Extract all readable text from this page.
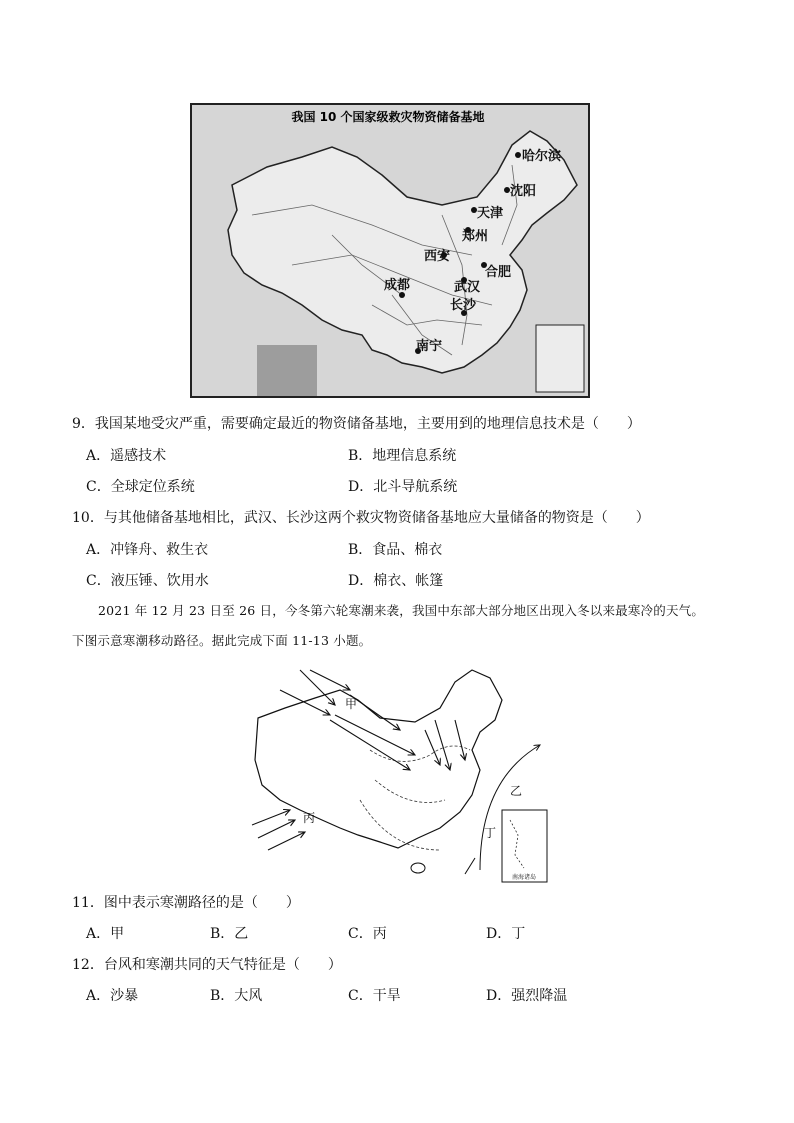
我国 10 个国家级救灾物资储备基地
哈尔滨
沈阳
天津
郑州
西安
合肥
武汉
成都
长沙
南宁
9．我国某地受灾严重，需要确定最近的物资储备基地，主要用到的地理信息技术是（　　）
A．遥感技术	B．地理信息系统
C．全球定位系统	D．北斗导航系统
10．与其他储备基地相比，武汉、长沙这两个救灾物资储备基地应大量储备的物资是（　　）
A．冲锋舟、救生衣	B．食品、棉衣
C．液压锤、饮用水	D．棉衣、帐篷
2021 年 12 月 23 日至 26 日，今冬第六轮寒潮来袭，我国中东部大部分地区出现入冬以来最寒冷的天气。
下图示意寒潮移动路径。据此完成下面 11-13 小题。
南海诸岛
甲
乙
丙
丁
11．图中表示寒潮路径的是（　　）
A．甲	B．乙	C．丙	D．丁
12．台风和寒潮共同的天气特征是（　　）
A．沙暴	B．大风	C．干旱	D．强烈降温
